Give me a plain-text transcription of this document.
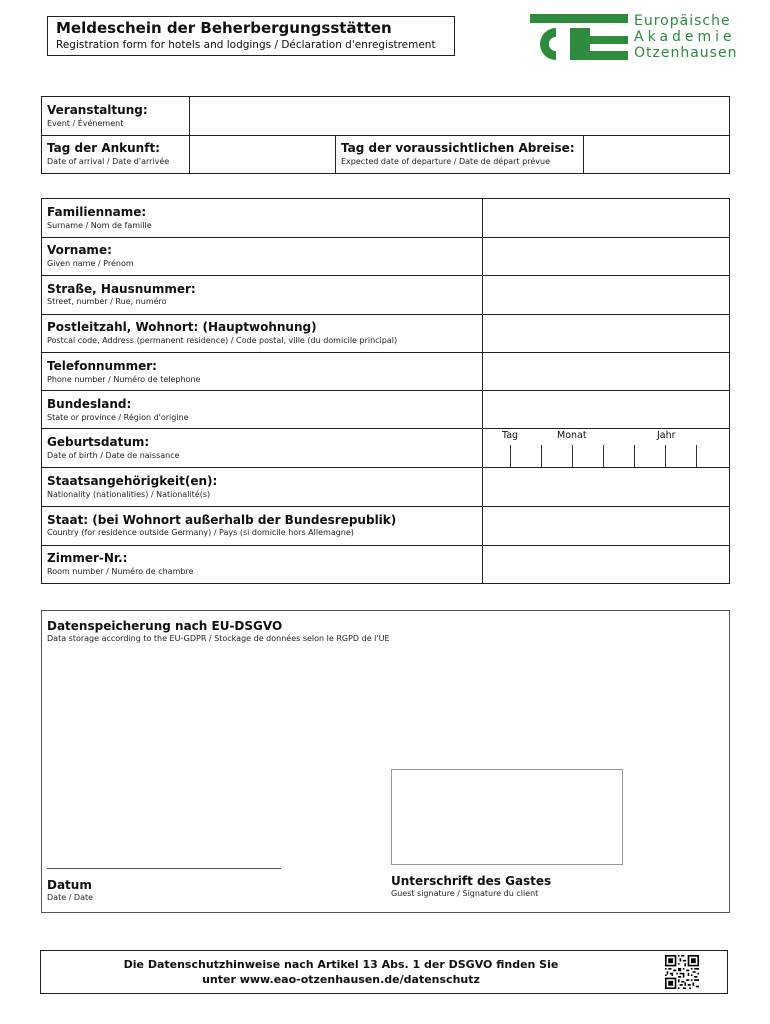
Meldeschein der Beherbergungsstätten
Registration form for hotels and lodgings / Déclaration d'enregistrement
Europäische
Akademie
Otzenhausen
Veranstaltung:
Event / Événement
Tag der Ankunft:
Date of arrival / Date d'arrivée
Tag der voraussichtlichen Abreise:
Expected date of departure / Date de départ prévue
Familienname:
Surname / Nom de famille
Vorname:
Given name / Prénom
Straße, Hausnummer:
Street, number / Rue, numéro
Postleitzahl, Wohnort: (Hauptwohnung)
Postcal code, Address (permanent residence) / Code postal, ville (du domicile principal)
Telefonnummer:
Phone number / Numéro de telephone
Bundesland:
State or province / Région d'origine
Geburtsdatum:
Date of birth / Date de naissance
Staatsangehörigkeit(en):
Nationality (nationalities) / Nationalité(s)
Staat: (bei Wohnort außerhalb der Bundesrepublik)
Country (for residence outside Germany) / Pays (si domicile hors Allemagne)
Zimmer-Nr.:
Room number / Numéro de chambre
Tag	Monat	Jahr
Datenspeicherung nach EU-DSGVO
Data storage according to the EU-GDPR / Stockage de données selon le RGPD de l'UE
Datum
Date / Date
Unterschrift des Gastes
Guest signature / Signature du client
Die Datenschutzhinweise nach Artikel 13 Abs. 1 der DSGVO finden Sie
unter www.eao-otzenhausen.de/datenschutz
